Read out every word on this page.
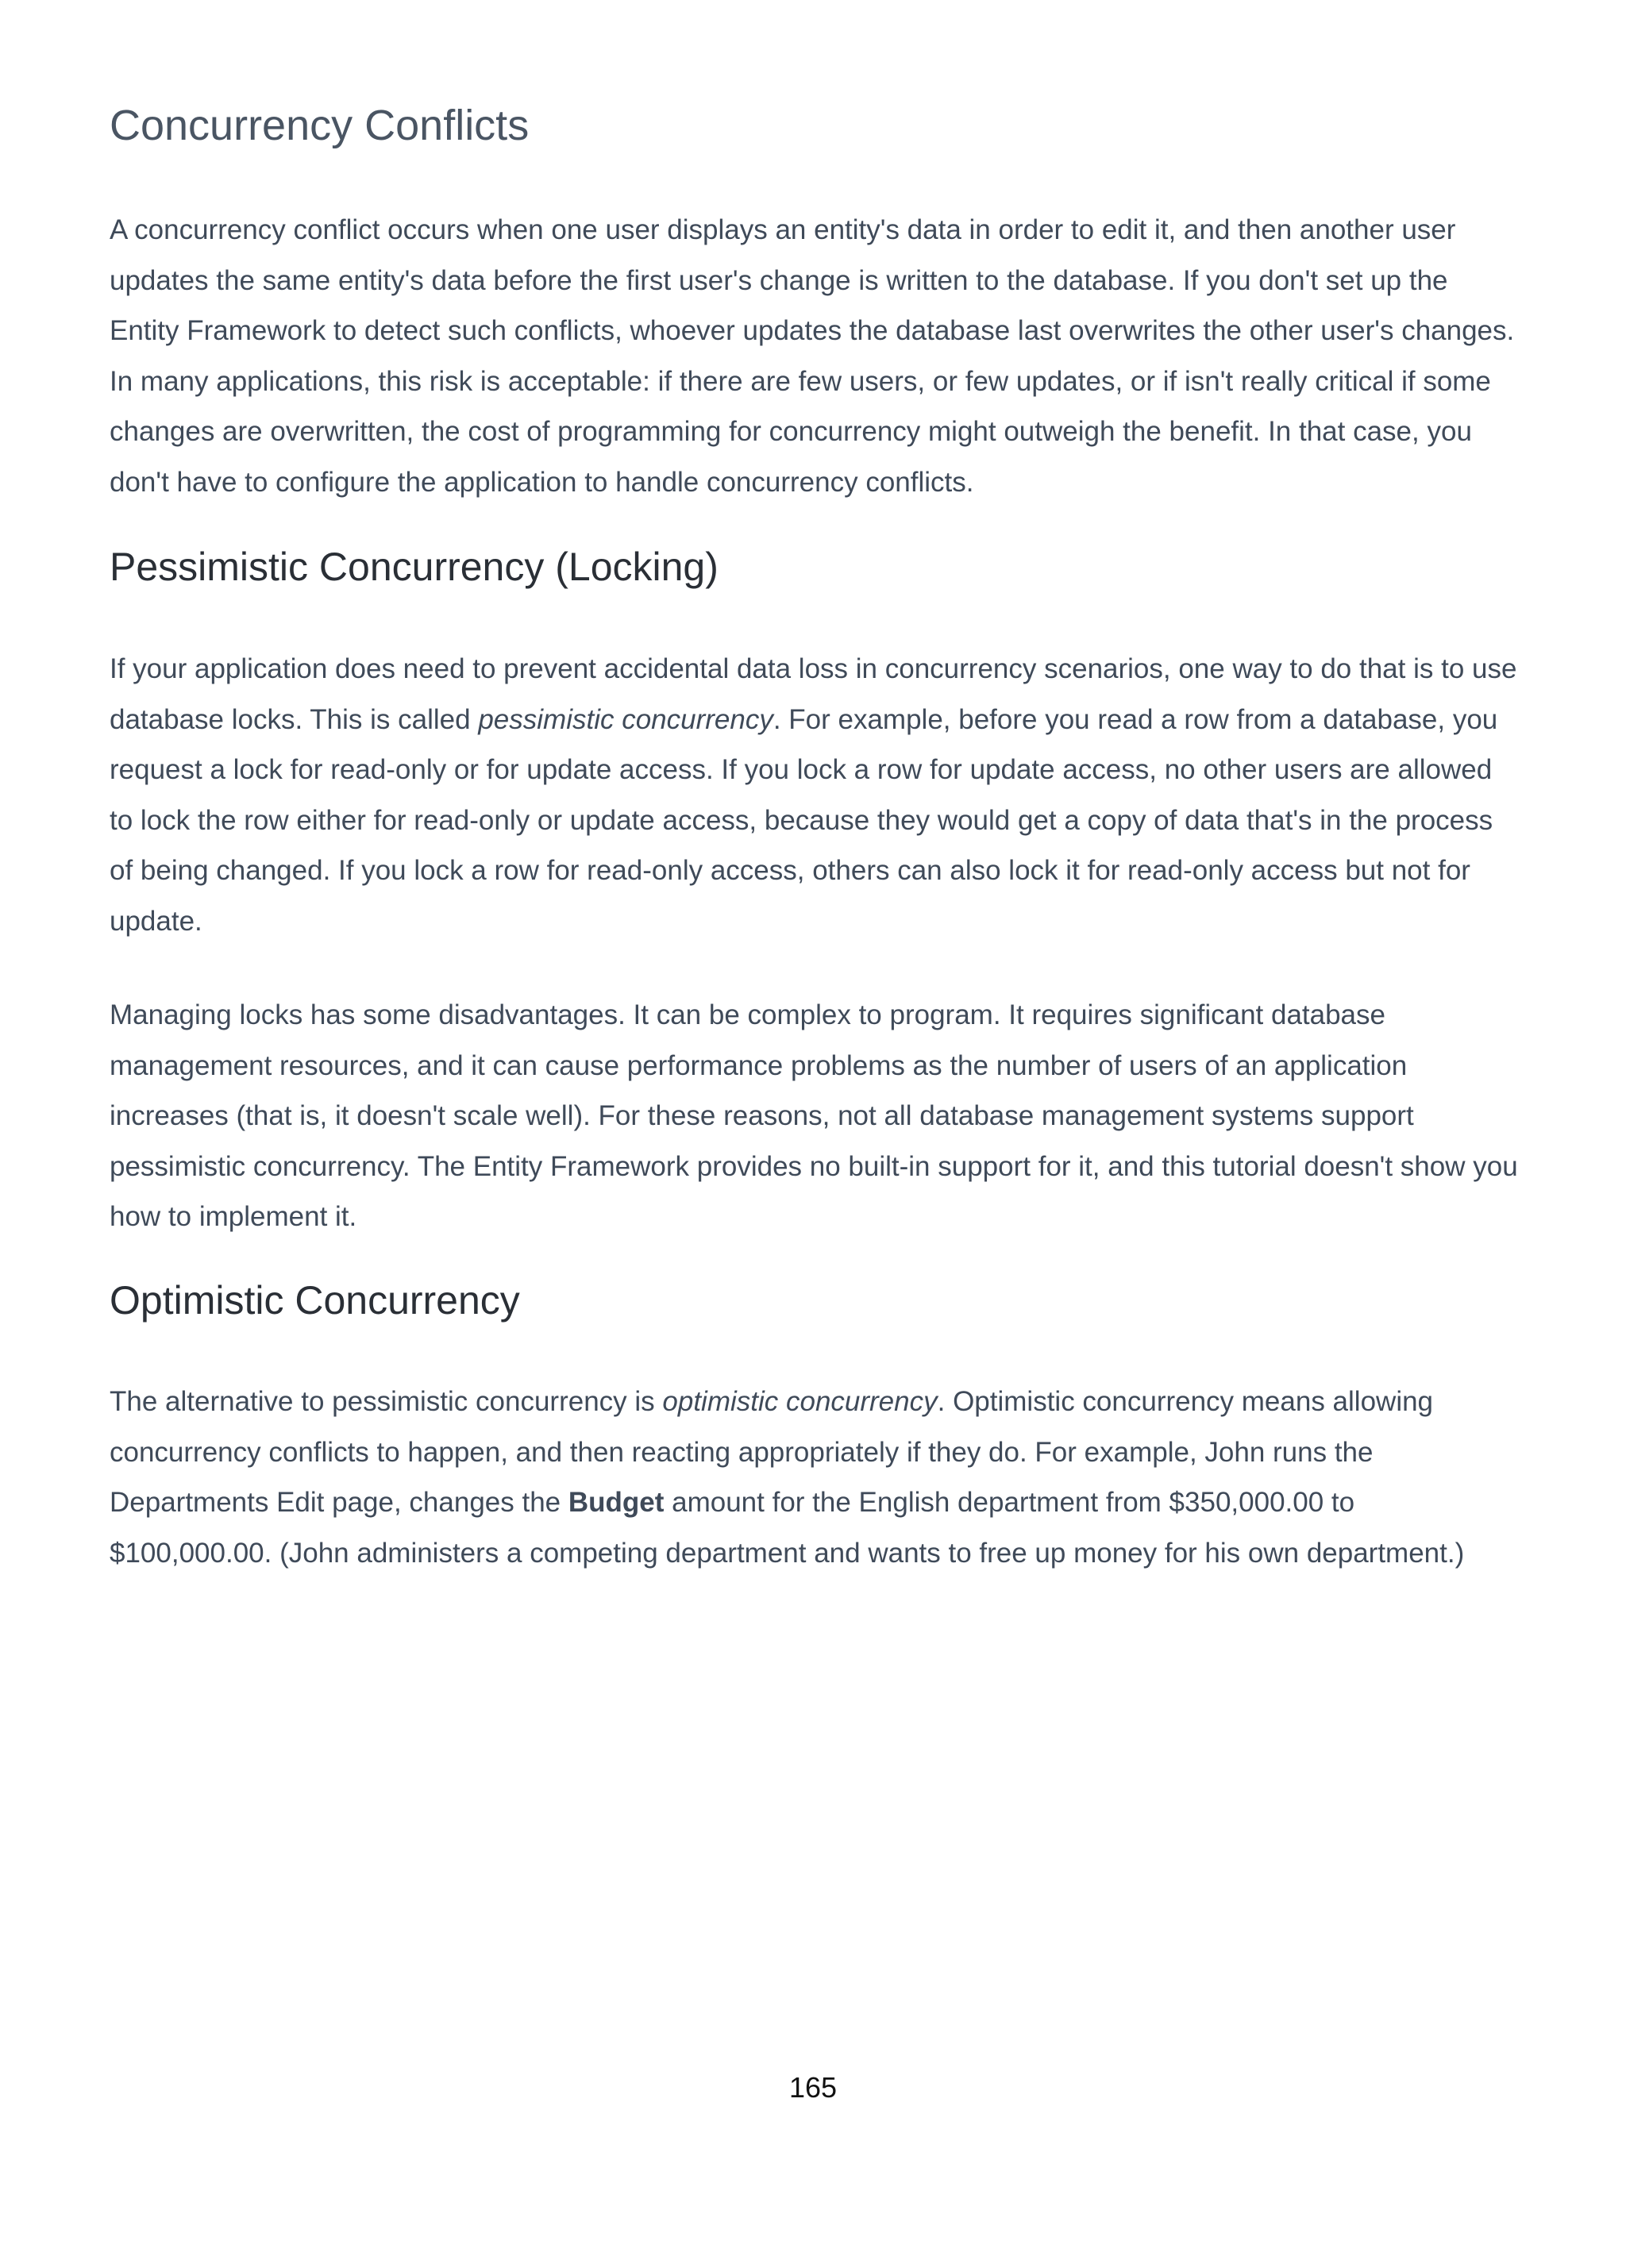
Concurrency Conflicts

A concurrency conflict occurs when one user displays an entity's data in order to edit it, and then another user updates the same entity's data before the first user's change is written to the database. If you don't set up the Entity Framework to detect such conflicts, whoever updates the database last overwrites the other user's changes. In many applications, this risk is acceptable: if there are few users, or few updates, or if isn't really critical if some changes are overwritten, the cost of programming for concurrency might outweigh the benefit. In that case, you don't have to configure the application to handle concurrency conflicts.

Pessimistic Concurrency (Locking)

If your application does need to prevent accidental data loss in concurrency scenarios, one way to do that is to use database locks. This is called pessimistic concurrency. For example, before you read a row from a database, you request a lock for read-only or for update access. If you lock a row for update access, no other users are allowed to lock the row either for read-only or update access, because they would get a copy of data that's in the process of being changed. If you lock a row for read-only access, others can also lock it for read-only access but not for update.

Managing locks has some disadvantages. It can be complex to program. It requires significant database management resources, and it can cause performance problems as the number of users of an application increases (that is, it doesn't scale well). For these reasons, not all database management systems support pessimistic concurrency. The Entity Framework provides no built-in support for it, and this tutorial doesn't show you how to implement it.

Optimistic Concurrency

The alternative to pessimistic concurrency is optimistic concurrency. Optimistic concurrency means allowing concurrency conflicts to happen, and then reacting appropriately if they do. For example, John runs the Departments Edit page, changes the Budget amount for the English department from $350,000.00 to $100,000.00. (John administers a competing department and wants to free up money for his own department.)

165
